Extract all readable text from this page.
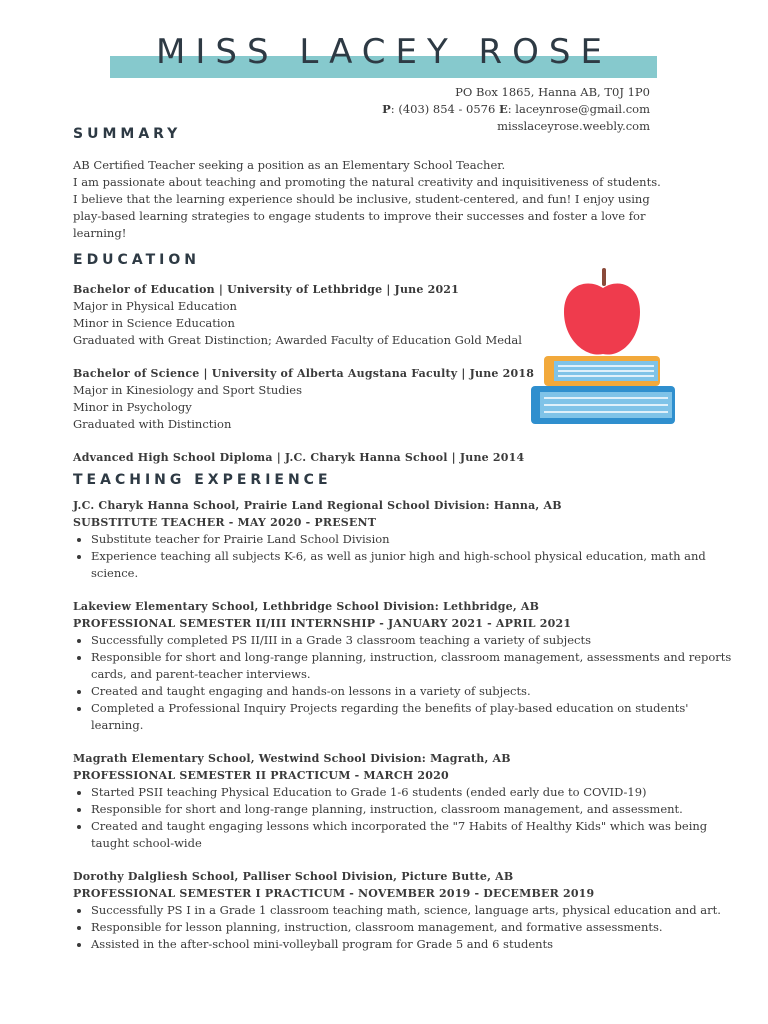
MISS LACEY ROSE
PO Box 1865, Hanna AB, T0J 1P0
P: (403) 854 - 0576 E: laceynrose@gmail.com
misslaceyrose.weebly.com
SUMMARY

AB Certified Teacher seeking a position as an Elementary School Teacher.

I am passionate about teaching and promoting the natural creativity and inquisitiveness of students.

I believe that the learning experience should be inclusive, student-centered, and fun! I enjoy using

play-based learning strategies to engage students to improve their successes and foster a love for

learning!

EDUCATION

Bachelor of Education | University of Lethbridge | June 2021

Major in Physical Education

Minor in Science Education

Graduated with Great Distinction; Awarded Faculty of Education Gold Medal

Bachelor of Science | University of Alberta Augstana Faculty | June 2018

Major in Kinesiology and Sport Studies

Minor in Psychology

Graduated with Distinction

Advanced High School Diploma | J.C. Charyk Hanna School | June 2014

TEACHING EXPERIENCE

J.C. Charyk Hanna School, Prairie Land Regional School Division: Hanna, AB

SUBSTITUTE TEACHER - MAY 2020 - PRESENT

• Substitute teacher for Prairie Land School Division
• Experience teaching all subjects K-6, as well as junior high and high-school physical education, math and science.

Lakeview Elementary School, Lethbridge School Division: Lethbridge, AB

PROFESSIONAL SEMESTER II/III INTERNSHIP - JANUARY 2021 - APRIL 2021

• Successfully completed PS II/III in a Grade 3 classroom teaching a variety of subjects
• Responsible for short and long-range planning, instruction, classroom management, assessments and reports cards, and parent-teacher interviews.
• Created and taught engaging and hands-on lessons in a variety of subjects.
• Completed a Professional Inquiry Projects regarding the benefits of play-based education on students' learning.

Magrath Elementary School, Westwind School Division: Magrath, AB

PROFESSIONAL SEMESTER II PRACTICUM - MARCH 2020

• Started PSII teaching Physical Education to Grade 1-6 students (ended early due to COVID-19)
• Responsible for short and long-range planning, instruction, classroom management, and assessment.
• Created and taught engaging lessons which incorporated the "7 Habits of Healthy Kids" which was being taught school-wide

Dorothy Dalgliesh School, Palliser School Division, Picture Butte, AB

PROFESSIONAL SEMESTER I PRACTICUM - NOVEMBER 2019 - DECEMBER 2019

• Successfully PS I in a Grade 1 classroom teaching math, science, language arts, physical education and art.
• Responsible for lesson planning, instruction, classroom management, and formative assessments.
• Assisted in the after-school mini-volleyball program for Grade 5 and 6 students
